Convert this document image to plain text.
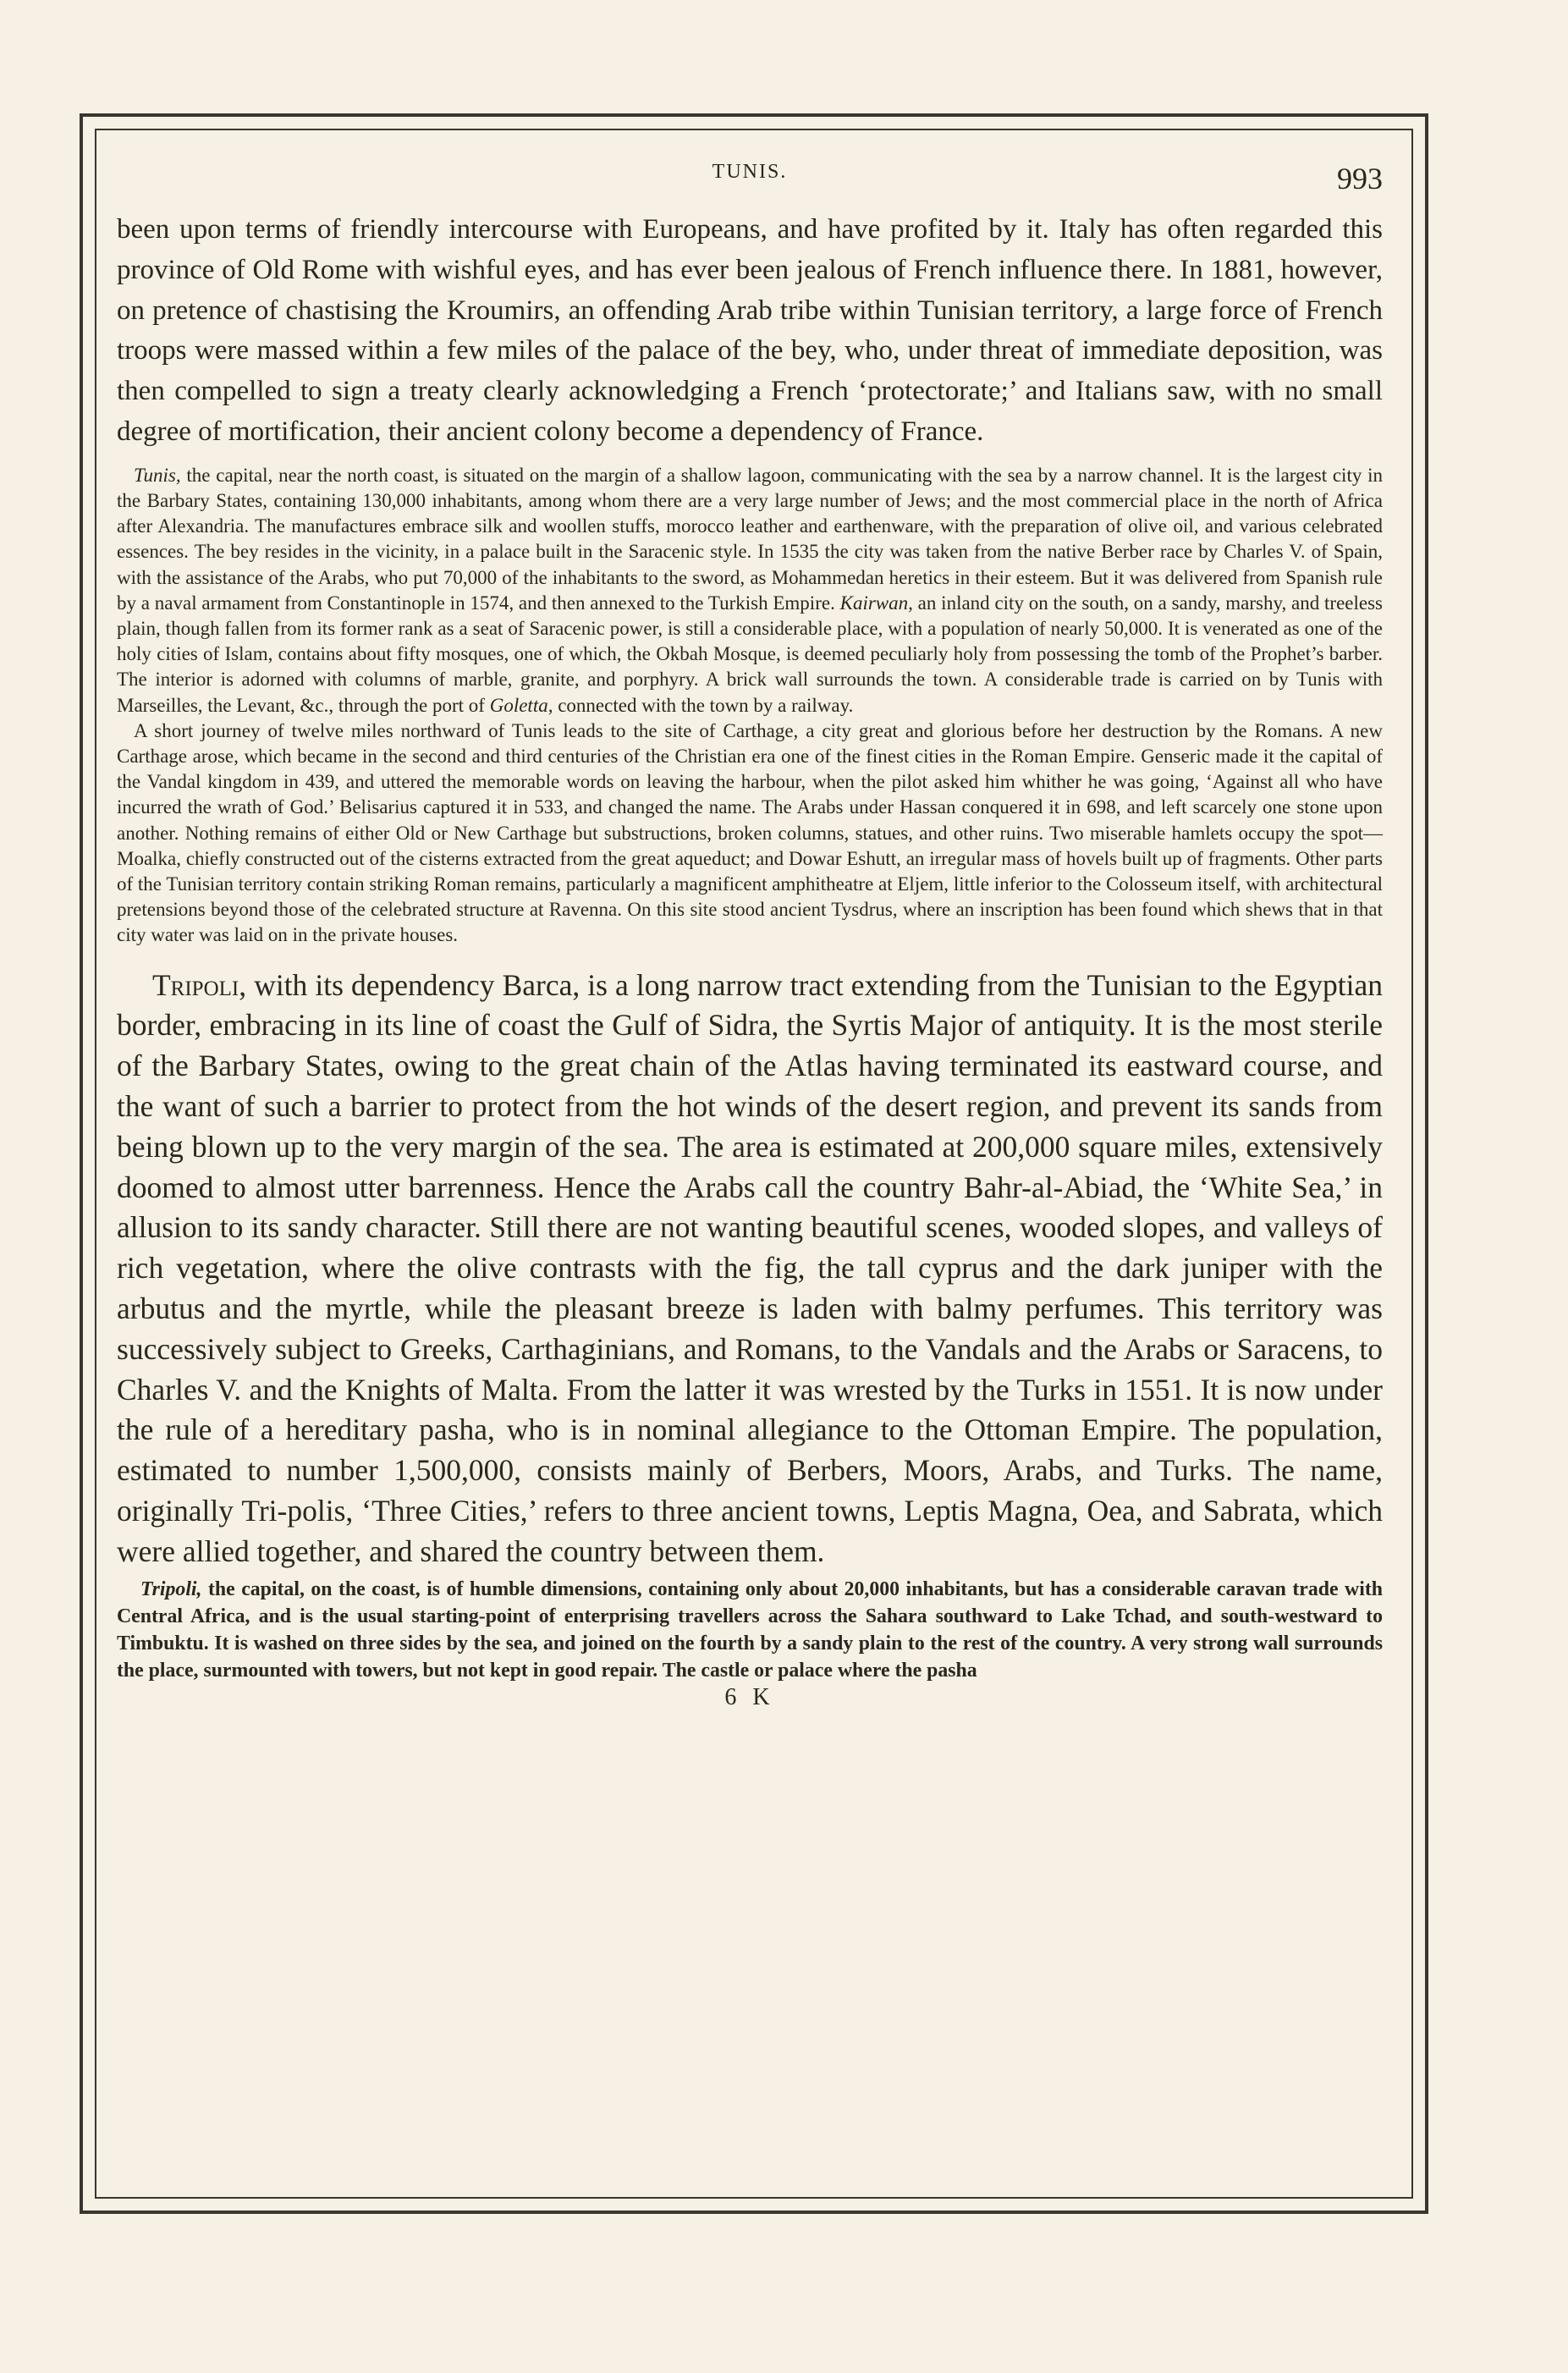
TUNIS.	993

been upon terms of friendly intercourse with Europeans, and have profited by it. Italy has often regarded this province of Old Rome with wishful eyes, and has ever been jealous of French influence there. In 1881, however, on pretence of chastising the Kroumirs, an offending Arab tribe within Tunisian territory, a large force of French troops were massed within a few miles of the palace of the bey, who, under threat of immediate deposition, was then compelled to sign a treaty clearly acknowledging a French ‘protectorate;’ and Italians saw, with no small degree of mortification, their ancient colony become a dependency of France.

Tunis, the capital, near the north coast, is situated on the margin of a shallow lagoon, communicating with the sea by a narrow channel. It is the largest city in the Barbary States, containing 130,000 inhabitants, among whom there are a very large number of Jews; and the most commercial place in the north of Africa after Alexandria. The manufactures embrace silk and woollen stuffs, morocco leather and earthenware, with the preparation of olive oil, and various celebrated essences. The bey resides in the vicinity, in a palace built in the Saracenic style. In 1535 the city was taken from the native Berber race by Charles V. of Spain, with the assistance of the Arabs, who put 70,000 of the inhabitants to the sword, as Mohammedan heretics in their esteem. But it was delivered from Spanish rule by a naval armament from Constantinople in 1574, and then annexed to the Turkish Empire. Kairwan, an inland city on the south, on a sandy, marshy, and treeless plain, though fallen from its former rank as a seat of Saracenic power, is still a considerable place, with a population of nearly 50,000. It is venerated as one of the holy cities of Islam, contains about fifty mosques, one of which, the Okbah Mosque, is deemed peculiarly holy from possessing the tomb of the Prophet’s barber. The interior is adorned with columns of marble, granite, and porphyry. A brick wall surrounds the town. A considerable trade is carried on by Tunis with Marseilles, the Levant, &c., through the port of Goletta, connected with the town by a railway.

A short journey of twelve miles northward of Tunis leads to the site of Carthage, a city great and glorious before her destruction by the Romans. A new Carthage arose, which became in the second and third centuries of the Christian era one of the finest cities in the Roman Empire. Genseric made it the capital of the Vandal kingdom in 439, and uttered the memorable words on leaving the harbour, when the pilot asked him whither he was going, ‘Against all who have incurred the wrath of God.’ Belisarius captured it in 533, and changed the name. The Arabs under Hassan conquered it in 698, and left scarcely one stone upon another. Nothing remains of either Old or New Carthage but substructions, broken columns, statues, and other ruins. Two miserable hamlets occupy the spot—Moalka, chiefly constructed out of the cisterns extracted from the great aqueduct; and Dowar Eshutt, an irregular mass of hovels built up of fragments. Other parts of the Tunisian territory contain striking Roman remains, particularly a magnificent amphitheatre at Eljem, little inferior to the Colosseum itself, with architectural pretensions beyond those of the celebrated structure at Ravenna. On this site stood ancient Tysdrus, where an inscription has been found which shews that in that city water was laid on in the private houses.

Tripoli, with its dependency Barca, is a long narrow tract extending from the Tunisian to the Egyptian border, embracing in its line of coast the Gulf of Sidra, the Syrtis Major of antiquity. It is the most sterile of the Barbary States, owing to the great chain of the Atlas having terminated its eastward course, and the want of such a barrier to protect from the hot winds of the desert region, and prevent its sands from being blown up to the very margin of the sea. The area is estimated at 200,000 square miles, extensively doomed to almost utter barrenness. Hence the Arabs call the country Bahr-al-Abiad, the ‘White Sea,’ in allusion to its sandy character. Still there are not wanting beautiful scenes, wooded slopes, and valleys of rich vegetation, where the olive contrasts with the fig, the tall cyprus and the dark juniper with the arbutus and the myrtle, while the pleasant breeze is laden with balmy perfumes. This territory was successively subject to Greeks, Carthaginians, and Romans, to the Vandals and the Arabs or Saracens, to Charles V. and the Knights of Malta. From the latter it was wrested by the Turks in 1551. It is now under the rule of a hereditary pasha, who is in nominal allegiance to the Ottoman Empire. The population, estimated to number 1,500,000, consists mainly of Berbers, Moors, Arabs, and Turks. The name, originally Tri-polis, ‘Three Cities,’ refers to three ancient towns, Leptis Magna, Oea, and Sabrata, which were allied together, and shared the country between them.

Tripoli, the capital, on the coast, is of humble dimensions, containing only about 20,000 inhabitants, but has a considerable caravan trade with Central Africa, and is the usual starting-point of enterprising travellers across the Sahara southward to Lake Tchad, and south-westward to Timbuktu. It is washed on three sides by the sea, and joined on the fourth by a sandy plain to the rest of the country. A very strong wall surrounds the place, surmounted with towers, but not kept in good repair. The castle or palace where the pasha

6 K
